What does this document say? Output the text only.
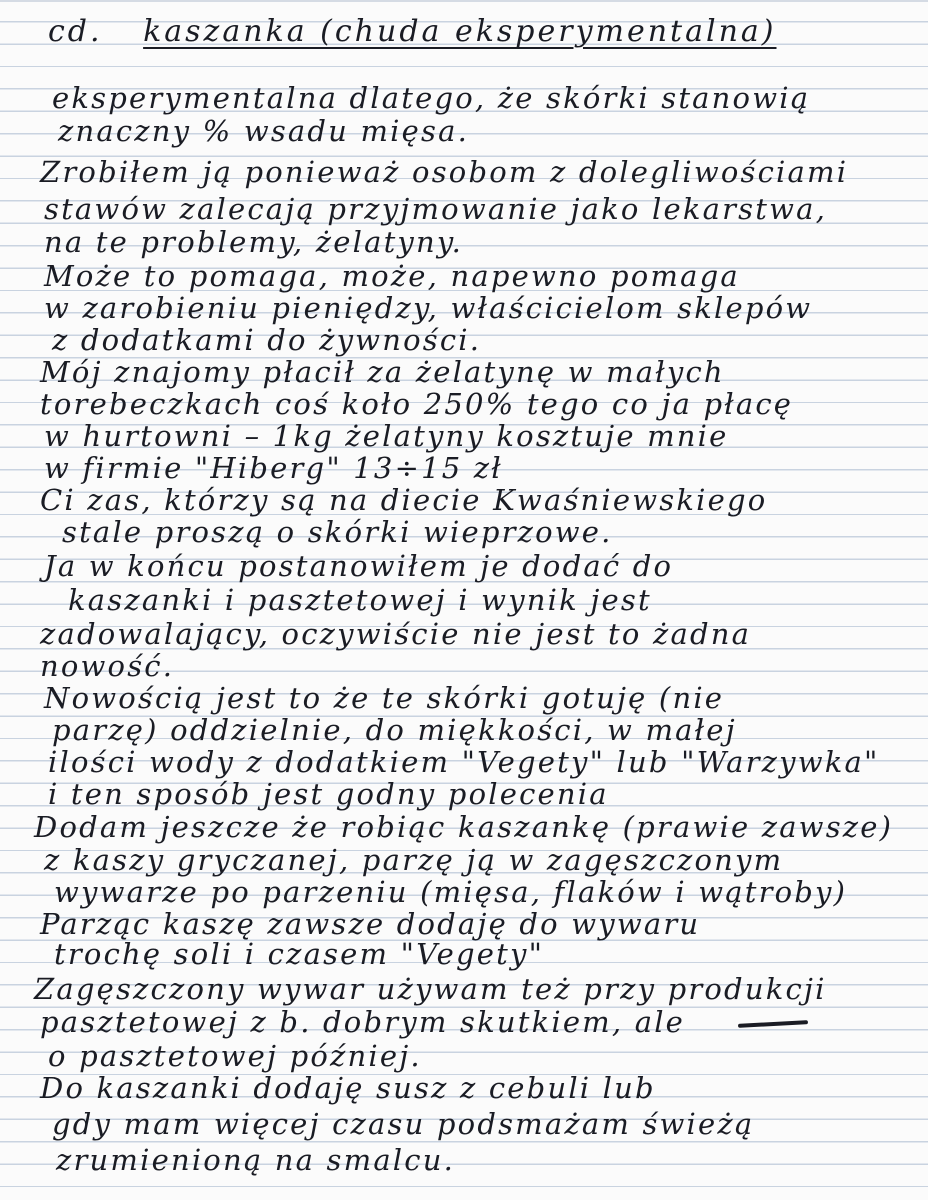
cd. kaszanka (chuda eksperymentalna)
eksperymentalna dlatego, że skórki stanowią
znaczny % wsadu mięsa.
Zrobiłem ją ponieważ osobom z dolegliwościami
stawów zalecają przyjmowanie jako lekarstwa,
na te problemy, żelatyny.
Może to pomaga, może, napewno pomaga
w zarobieniu pieniędzy, właścicielom sklepów
z dodatkami do żywności.
Mój znajomy płacił za żelatynę w małych
torebeczkach coś koło 250% tego co ja płacę
w hurtowni – 1kg żelatyny kosztuje mnie
w firmie "Hiberg" 13÷15 zł
Ci zas, którzy są na diecie Kwaśniewskiego
stale proszą o skórki wieprzowe.
Ja w końcu postanowiłem je dodać do
kaszanki i pasztetowej i wynik jest
zadowalający, oczywiście nie jest to żadna
nowość.
Nowością jest to że te skórki gotuję (nie
parzę) oddzielnie, do miękkości, w małej
ilości wody z dodatkiem "Vegety" lub "Warzywka"
i ten sposób jest godny polecenia
Dodam jeszcze że robiąc kaszankę (prawie zawsze)
z kaszy gryczanej, parzę ją w zagęszczonym
wywarze po parzeniu (mięsa, flaków i wątroby)
Parząc kaszę zawsze dodaję do wywaru
trochę soli i czasem "Vegety"
Zagęszczony wywar używam też przy produkcji
pasztetowej z b. dobrym skutkiem, ale
o pasztetowej później.
Do kaszanki dodaję susz z cebuli lub
gdy mam więcej czasu podsmażam świeżą
zrumienioną na smalcu.
